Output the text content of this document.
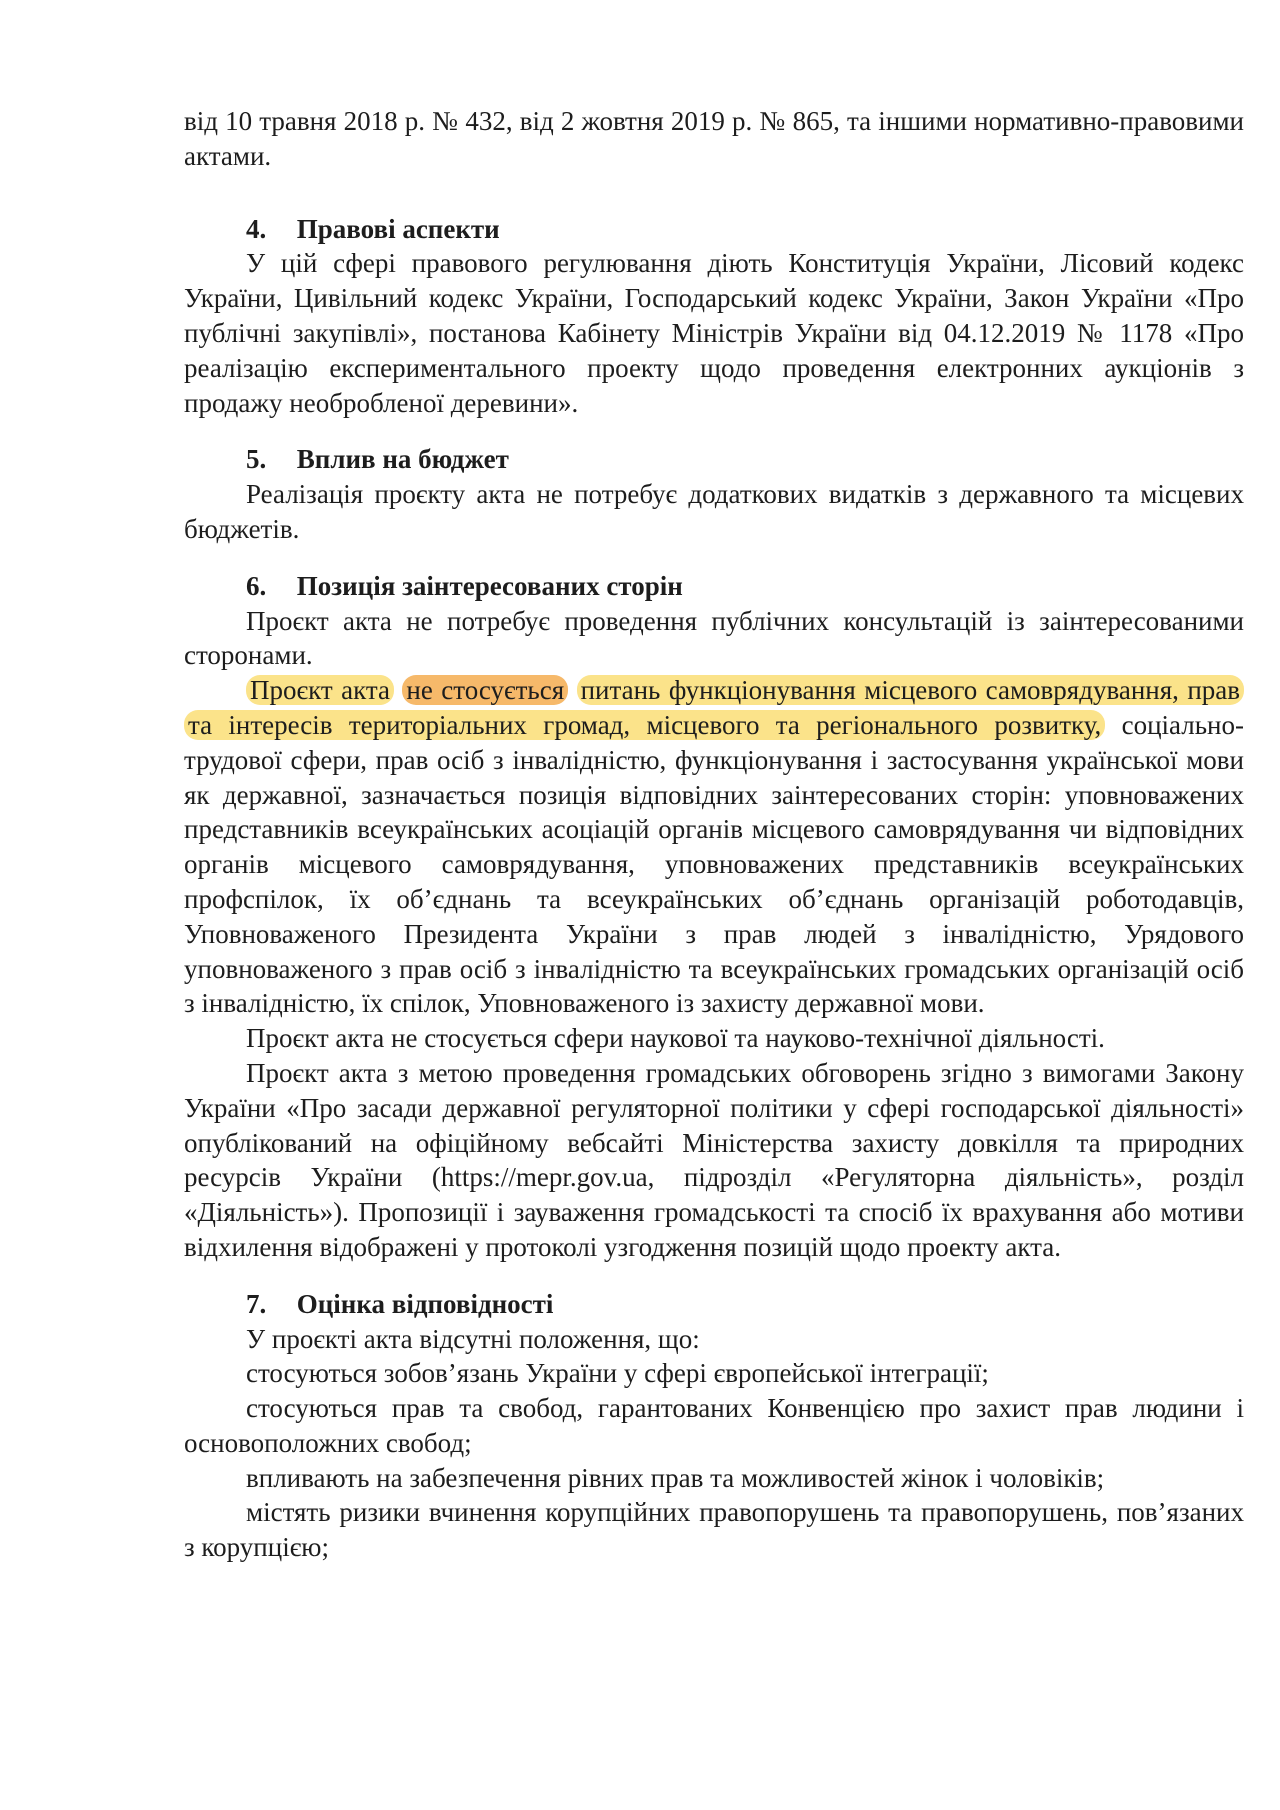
від 10 травня 2018 р. № 432, від 2 жовтня 2019 р. № 865, та іншими нормативно-правовими актами.

4. Правові аспекти

У цій сфері правового регулювання діють Конституція України, Лісовий кодекс України, Цивільний кодекс України, Господарський кодекс України, Закон України «Про публічні закупівлі», постанова Кабінету Міністрів України від 04.12.2019 № 1178 «Про реалізацію експериментального проекту щодо проведення електронних аукціонів з продажу необробленої деревини».

5. Вплив на бюджет

Реалізація проєкту акта не потребує додаткових видатків з державного та місцевих бюджетів.

6. Позиція заінтересованих сторін

Проєкт акта не потребує проведення публічних консультацій із заінтересованими сторонами.

Проєкт акта не стосується питань функціонування місцевого самоврядування, прав та інтересів територіальних громад, місцевого та регіонального розвитку, соціально-трудової сфери, прав осіб з інвалідністю, функціонування і застосування української мови як державної, зазначається позиція відповідних заінтересованих сторін: уповноважених представників всеукраїнських асоціацій органів місцевого самоврядування чи відповідних органів місцевого самоврядування, уповноважених представників всеукраїнських профспілок, їх об’єднань та всеукраїнських об’єднань організацій роботодавців, Уповноваженого Президента України з прав людей з інвалідністю, Урядового уповноваженого з прав осіб з інвалідністю та всеукраїнських громадських організацій осіб з інвалідністю, їх спілок, Уповноваженого із захисту державної мови.

Проєкт акта не стосується сфери наукової та науково-технічної діяльності.

Проєкт акта з метою проведення громадських обговорень згідно з вимогами Закону України «Про засади державної регуляторної політики у сфері господарської діяльності» опублікований на офіційному вебсайті Міністерства захисту довкілля та природних ресурсів України (https://mepr.gov.ua, підрозділ «Регуляторна діяльність», розділ «Діяльність»). Пропозиції і зауваження громадськості та спосіб їх врахування або мотиви відхилення відображені у протоколі узгодження позицій щодо проекту акта.

7. Оцінка відповідності

У проєкті акта відсутні положення, що:

стосуються зобов’язань України у сфері європейської інтеграції;

стосуються прав та свобод, гарантованих Конвенцією про захист прав людини і основоположних свобод;

впливають на забезпечення рівних прав та можливостей жінок і чоловіків;

містять ризики вчинення корупційних правопорушень та правопорушень, пов’язаних з корупцією;
